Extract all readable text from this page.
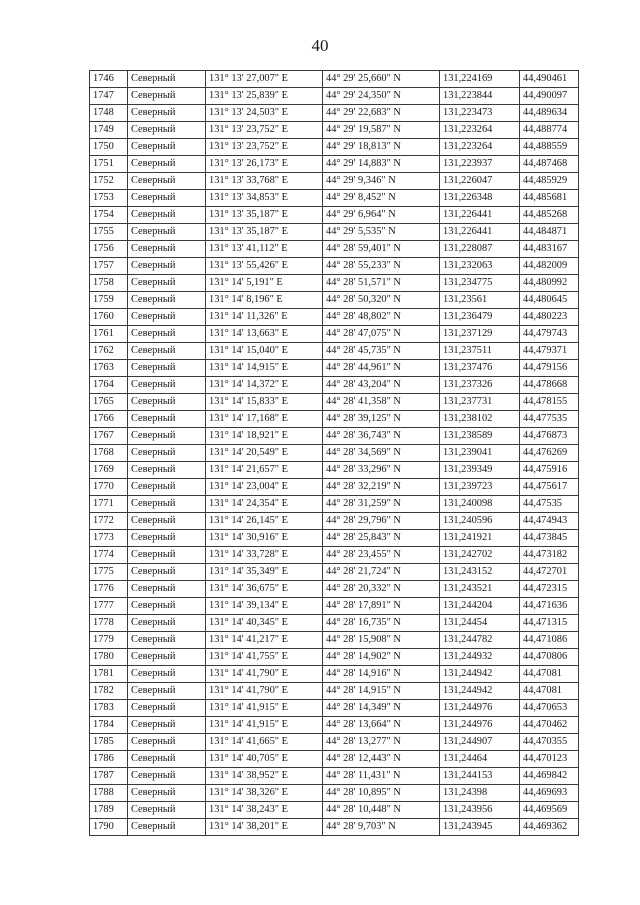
40
1746	Северный	131° 13' 27,007" E	44° 29' 25,660" N	131,224169	44,490461
1747	Северный	131° 13' 25,839" E	44° 29' 24,350" N	131,223844	44,490097
1748	Северный	131° 13' 24,503" E	44° 29' 22,683" N	131,223473	44,489634
1749	Северный	131° 13' 23,752" E	44° 29' 19,587" N	131,223264	44,488774
1750	Северный	131° 13' 23,752" E	44° 29' 18,813" N	131,223264	44,488559
1751	Северный	131° 13' 26,173" E	44° 29' 14,883" N	131,223937	44,487468
1752	Северный	131° 13' 33,768" E	44° 29' 9,346" N	131,226047	44,485929
1753	Северный	131° 13' 34,853" E	44° 29' 8,452" N	131,226348	44,485681
1754	Северный	131° 13' 35,187" E	44° 29' 6,964" N	131,226441	44,485268
1755	Северный	131° 13' 35,187" E	44° 29' 5,535" N	131,226441	44,484871
1756	Северный	131° 13' 41,112" E	44° 28' 59,401" N	131,228087	44,483167
1757	Северный	131° 13' 55,426" E	44° 28' 55,233" N	131,232063	44,482009
1758	Северный	131° 14' 5,191" E	44° 28' 51,571" N	131,234775	44,480992
1759	Северный	131° 14' 8,196" E	44° 28' 50,320" N	131,23561	44,480645
1760	Северный	131° 14' 11,326" E	44° 28' 48,802" N	131,236479	44,480223
1761	Северный	131° 14' 13,663" E	44° 28' 47,075" N	131,237129	44,479743
1762	Северный	131° 14' 15,040" E	44° 28' 45,735" N	131,237511	44,479371
1763	Северный	131° 14' 14,915" E	44° 28' 44,961" N	131,237476	44,479156
1764	Северный	131° 14' 14,372" E	44° 28' 43,204" N	131,237326	44,478668
1765	Северный	131° 14' 15,833" E	44° 28' 41,358" N	131,237731	44,478155
1766	Северный	131° 14' 17,168" E	44° 28' 39,125" N	131,238102	44,477535
1767	Северный	131° 14' 18,921" E	44° 28' 36,743" N	131,238589	44,476873
1768	Северный	131° 14' 20,549" E	44° 28' 34,569" N	131,239041	44,476269
1769	Северный	131° 14' 21,657" E	44° 28' 33,296" N	131,239349	44,475916
1770	Северный	131° 14' 23,004" E	44° 28' 32,219" N	131,239723	44,475617
1771	Северный	131° 14' 24,354" E	44° 28' 31,259" N	131,240098	44,47535
1772	Северный	131° 14' 26,145" E	44° 28' 29,796" N	131,240596	44,474943
1773	Северный	131° 14' 30,916" E	44° 28' 25,843" N	131,241921	44,473845
1774	Северный	131° 14' 33,728" E	44° 28' 23,455" N	131,242702	44,473182
1775	Северный	131° 14' 35,349" E	44° 28' 21,724" N	131,243152	44,472701
1776	Северный	131° 14' 36,675" E	44° 28' 20,332" N	131,243521	44,472315
1777	Северный	131° 14' 39,134" E	44° 28' 17,891" N	131,244204	44,471636
1778	Северный	131° 14' 40,345" E	44° 28' 16,735" N	131,24454	44,471315
1779	Северный	131° 14' 41,217" E	44° 28' 15,908" N	131,244782	44,471086
1780	Северный	131° 14' 41,755" E	44° 28' 14,902" N	131,244932	44,470806
1781	Северный	131° 14' 41,790" E	44° 28' 14,916" N	131,244942	44,47081
1782	Северный	131° 14' 41,790" E	44° 28' 14,915" N	131,244942	44,47081
1783	Северный	131° 14' 41,915" E	44° 28' 14,349" N	131,244976	44,470653
1784	Северный	131° 14' 41,915" E	44° 28' 13,664" N	131,244976	44,470462
1785	Северный	131° 14' 41,665" E	44° 28' 13,277" N	131,244907	44,470355
1786	Северный	131° 14' 40,705" E	44° 28' 12,443" N	131,24464	44,470123
1787	Северный	131° 14' 38,952" E	44° 28' 11,431" N	131,244153	44,469842
1788	Северный	131° 14' 38,326" E	44° 28' 10,895" N	131,24398	44,469693
1789	Северный	131° 14' 38,243" E	44° 28' 10,448" N	131,243956	44,469569
1790	Северный	131° 14' 38,201" E	44° 28' 9,703" N	131,243945	44,469362
